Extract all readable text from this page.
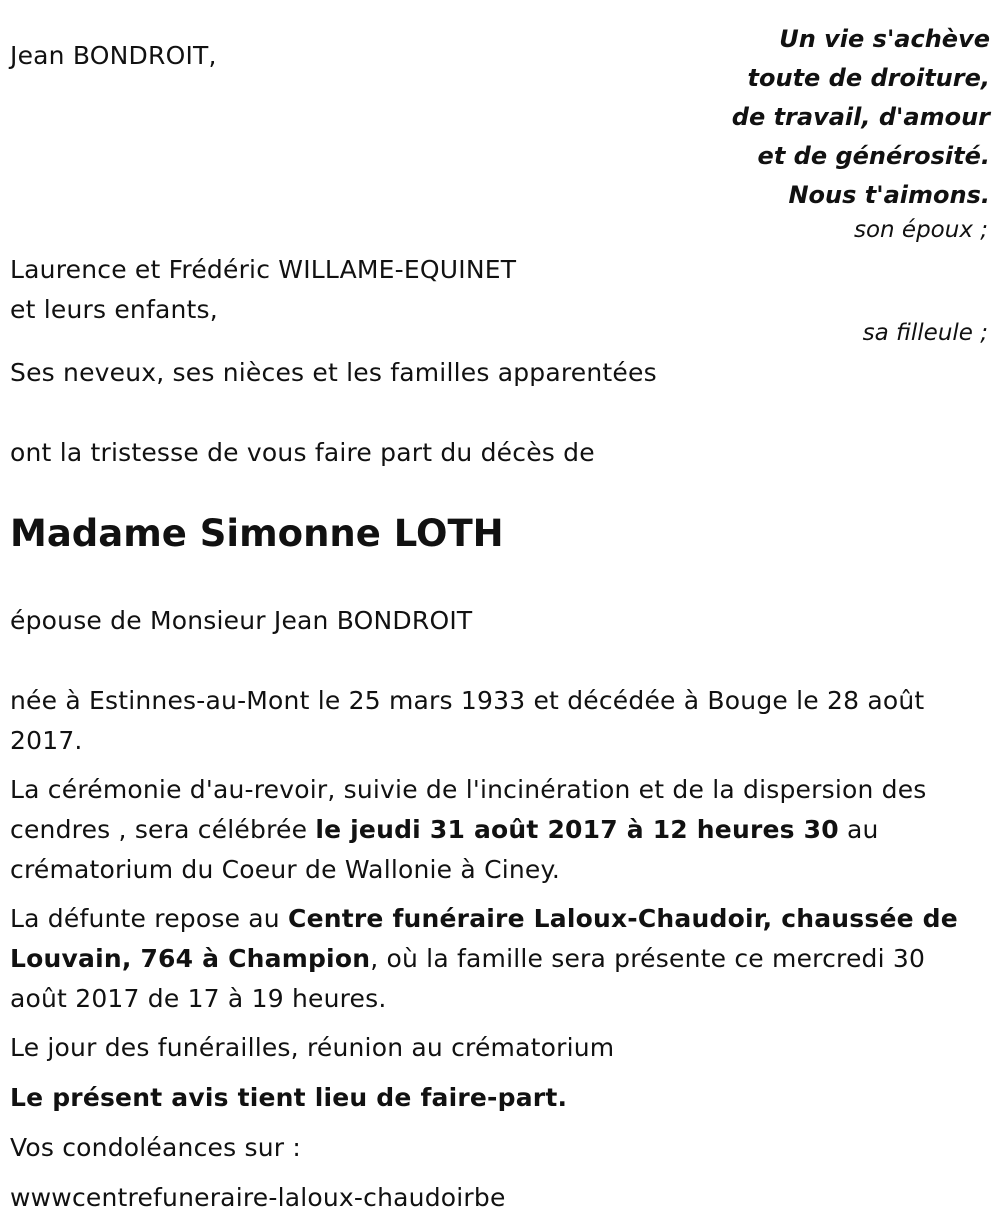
Jean BONDROIT,
Un vie s'achève
toute de droiture,
de travail, d'amour
et de générosité.
Nous t'aimons.
son époux ;
Laurence et Frédéric WILLAME-EQUINET
et leurs enfants,
sa filleule ;
Ses neveux, ses nièces et les familles apparentées
ont la tristesse de vous faire part du décès de
Madame Simonne LOTH
épouse de Monsieur Jean BONDROIT
née à Estinnes-au-Mont le 25 mars 1933 et décédée à Bouge le 28 août 2017.
La cérémonie d'au-revoir, suivie de l'incinération et de la dispersion des cendres , sera célébrée le jeudi 31 août 2017 à 12 heures 30 au crématorium du Coeur de Wallonie à Ciney.
La défunte repose au Centre funéraire Laloux-Chaudoir, chaussée de Louvain, 764 à Champion, où la famille sera présente ce mercredi 30 août 2017 de 17 à 19 heures.
Le jour des funérailles, réunion au crématorium
Le présent avis tient lieu de faire-part.
Vos condoléances sur :
wwwcentrefuneraire-laloux-chaudoirbe
